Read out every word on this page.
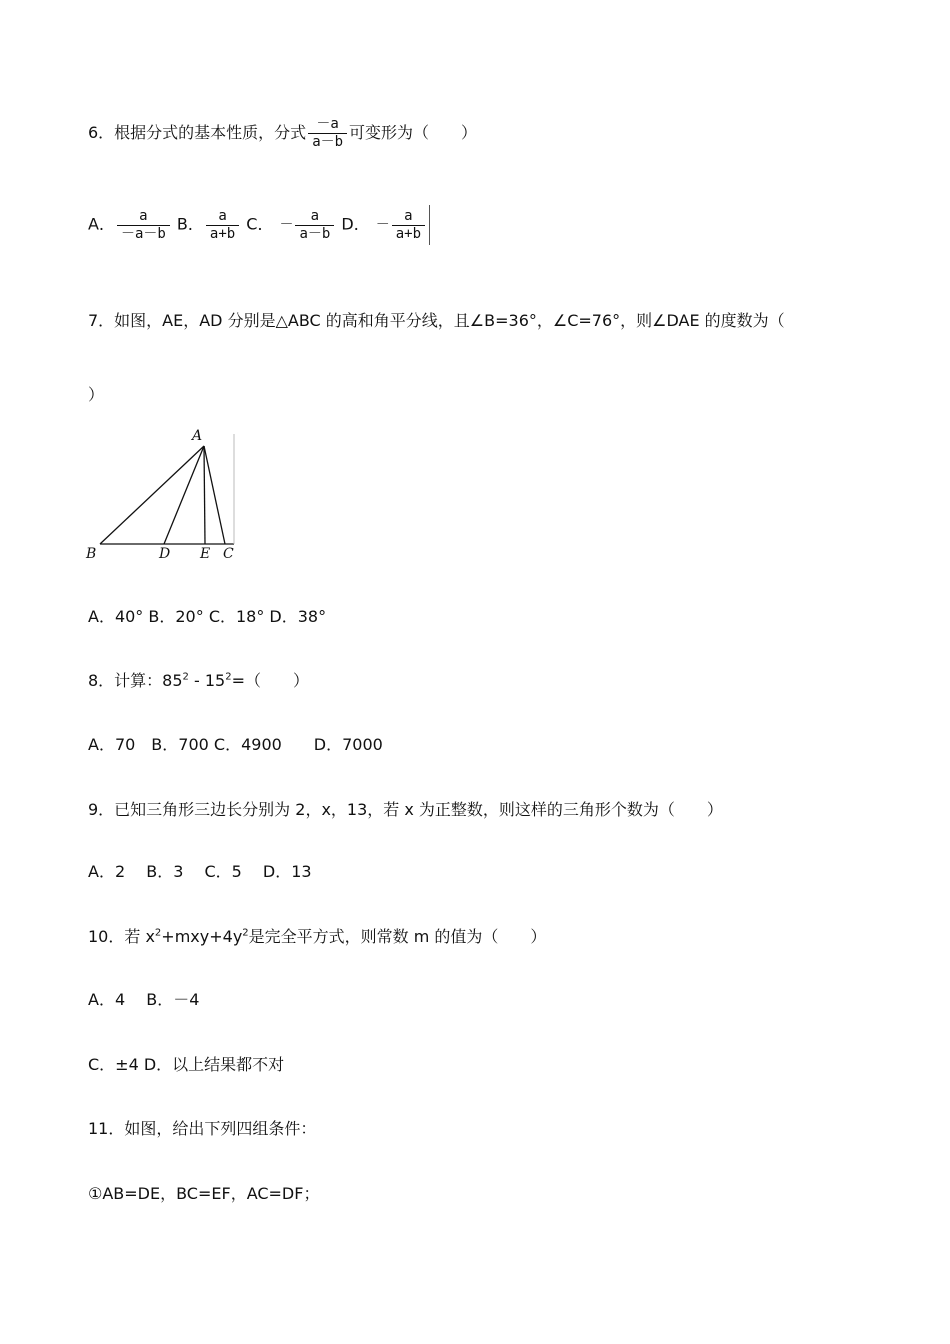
6．根据分式的基本性质，分式 $\frac{-a}{a-b}$ 可变形为（　　）
A． $\frac{a}{-a-b}$ B． $\frac{a}{a+b}$ C． － $\frac{a}{a-b}$ D． － $\frac{a}{a+b}$
7．如图，AE，AD 分别是△ABC 的高和角平分线，且∠B=36°，∠C=76°，则∠DAE 的度数为（
）
A
B	D E C
A．40° B．20° C．18° D．38°
8．计算：$85^2 - 15^2=$（　　）
A．70　B．700 C．4900　　D．7000
9．已知三角形三边长分别为 2，x，13，若 x 为正整数，则这样的三角形个数为（　　）
A．2　 B．3　 C．5　 D．13
10．若 $x^2+mxy+4y^2$是完全平方式，则常数 m 的值为（　　）
A．4　 B．－4
C．±4 D．以上结果都不对
11．如图，给出下列四组条件：
①AB=DE，BC=EF，AC=DF；
